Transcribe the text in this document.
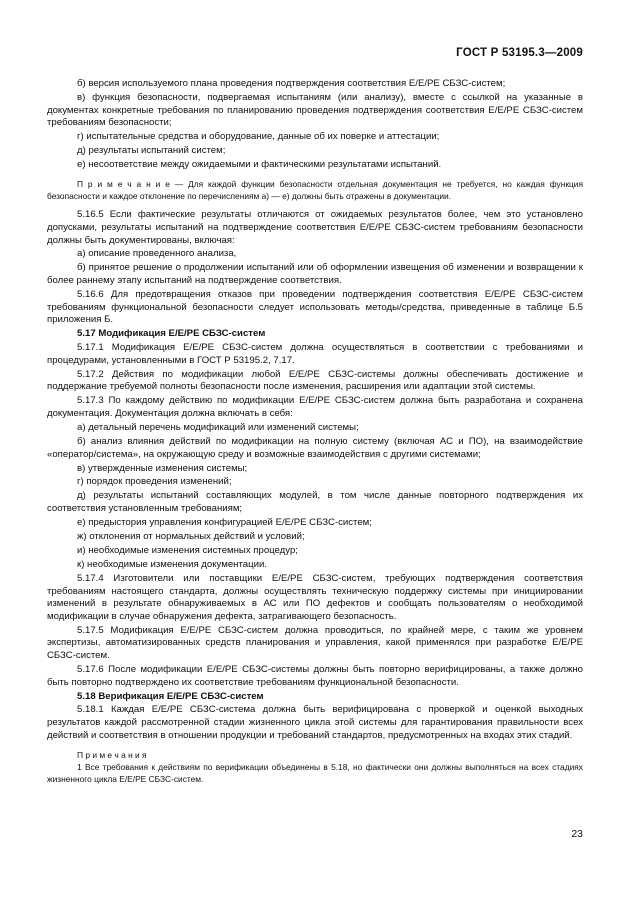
ГОСТ Р 53195.3—2009

б) версия используемого плана проведения подтверждения соответствия Е/Е/РЕ СБЗС-систем;

в) функция безопасности, подвергаемая испытаниям (или анализу), вместе с ссылкой на указанные в документах конкретные требования по планированию проведения подтверждения соответствия Е/Е/РЕ СБЗС-систем требованиям безопасности;

г) испытательные средства и оборудование, данные об их поверке и аттестации;

д) результаты испытаний систем;

е) несоответствие между ожидаемыми и фактическими результатами испытаний.

П р и м е ч а н и е — Для каждой функции безопасности отдельная документация не требуется, но каждая функция безопасности и каждое отклонение по перечислениям а) — е) должны быть отражены в документации.

5.16.5 Если фактические результаты отличаются от ожидаемых результатов более, чем это установлено допусками, результаты испытаний на подтверждение соответствия Е/Е/РЕ СБЗС-систем требованиям безопасности должны быть документированы, включая:

а) описание проведенного анализа,

б) принятое решение о продолжении испытаний или об оформлении извещения об изменении и возвращении к более раннему этапу испытаний на подтверждение соответствия.

5.16.6 Для предотвращения отказов при проведении подтверждения соответствия Е/Е/РЕ СБЗС-систем требованиям функциональной безопасности следует использовать методы/средства, приведенные в таблице Б.5 приложения Б.

5.17 Модификация Е/Е/РЕ СБЗС-систем

5.17.1 Модификация Е/Е/РЕ СБЗС-систем должна осуществляться в соответствии с требованиями и процедурами, установленными в ГОСТ Р 53195.2, 7.17.

5.17.2 Действия по модификации любой Е/Е/РЕ СБЗС-системы должны обеспечивать достижение и поддержание требуемой полноты безопасности после изменения, расширения или адаптации этой системы.

5.17.3 По каждому действию по модификации Е/Е/РЕ СБЗС-систем должна быть разработана и сохранена документация. Документация должна включать в себя:

а) детальный перечень модификаций или изменений системы;

б) анализ влияния действий по модификации на полную систему (включая АС и ПО), на взаимодействие «оператор/система», на окружающую среду и возможные взаимодействия с другими системами;

в) утвержденные изменения системы;

г) порядок проведения изменений;

д) результаты испытаний составляющих модулей, в том числе данные повторного подтверждения их соответствия установленным требованиям;

е) предыстория управления конфигурацией Е/Е/РЕ СБЗС-систем;

ж) отклонения от нормальных действий и условий;

и) необходимые изменения системных процедур;

к) необходимые изменения документации.

5.17.4 Изготовители или поставщики Е/Е/РЕ СБЗС-систем, требующих подтверждения соответствия требованиям настоящего стандарта, должны осуществлять техническую поддержку системы при инициировании изменений в результате обнаруживаемых в АС или ПО дефектов и сообщать пользователям о необходимой модификации в случае обнаружения дефекта, затрагивающего безопасность.

5.17.5 Модификация Е/Е/РЕ СБЗС-систем должна проводиться, по крайней мере, с таким же уровнем экспертизы, автоматизированных средств планирования и управления, какой применялся при разработке Е/Е/РЕ СБЗС-систем.

5.17.6 После модификации Е/Е/РЕ СБЗС-системы должны быть повторно верифицированы, а также должно быть повторно подтверждено их соответствие требованиям функциональной безопасности.

5.18 Верификация Е/Е/РЕ СБЗС-систем

5.18.1 Каждая Е/Е/РЕ СБЗС-система должна быть верифицирована с проверкой и оценкой выходных результатов каждой рассмотренной стадии жизненного цикла этой системы для гарантирования правильности всех действий и соответствия в отношении продукции и требований стандартов, предусмотренных на входах этих стадий.

П р и м е ч а н и я

1 Все требования к действиям по верификации объединены в 5.18, но фактически они должны выполняться на всех стадиях жизненного цикла Е/Е/РЕ СБЗС-систем.

23
